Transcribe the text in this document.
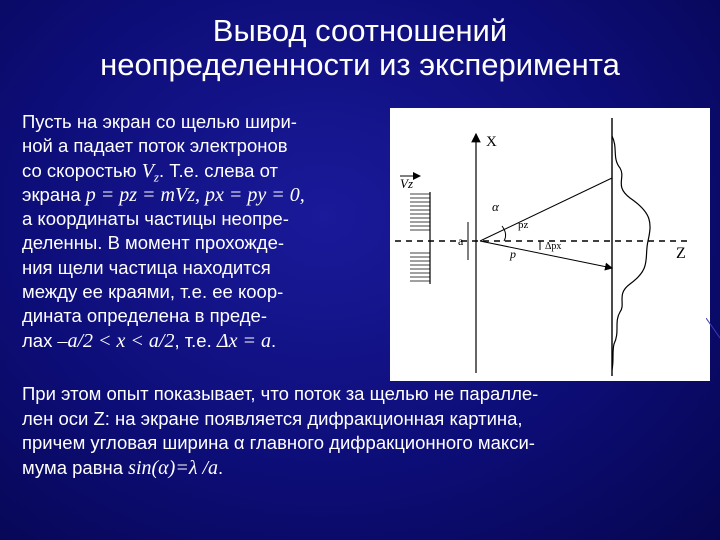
Вывод соотношений
неопределенности из эксперимента
Пусть на экран со щелью шири-
ной a падает поток электронов
со скоростью $V_z$. Т.е. слева от
экрана p = pz = mVz, px = py = 0,
а координаты частицы неопре-
деленны. В момент прохожде-
ния щели частица находится
между ее краями, т.е. ее коор-
дината определена в преде-
лах –a/2 < x < a/2, т.е. Δx = a.
При этом опыт показывает, что поток за щелью не паралле-
лен оси Z: на экране появляется дифракционная картина,
причем угловая ширина α главного дифракционного макси-
мума равна sin(α)=λ /a.
Vz
X
a
α
pz
Δpx
p	Z
